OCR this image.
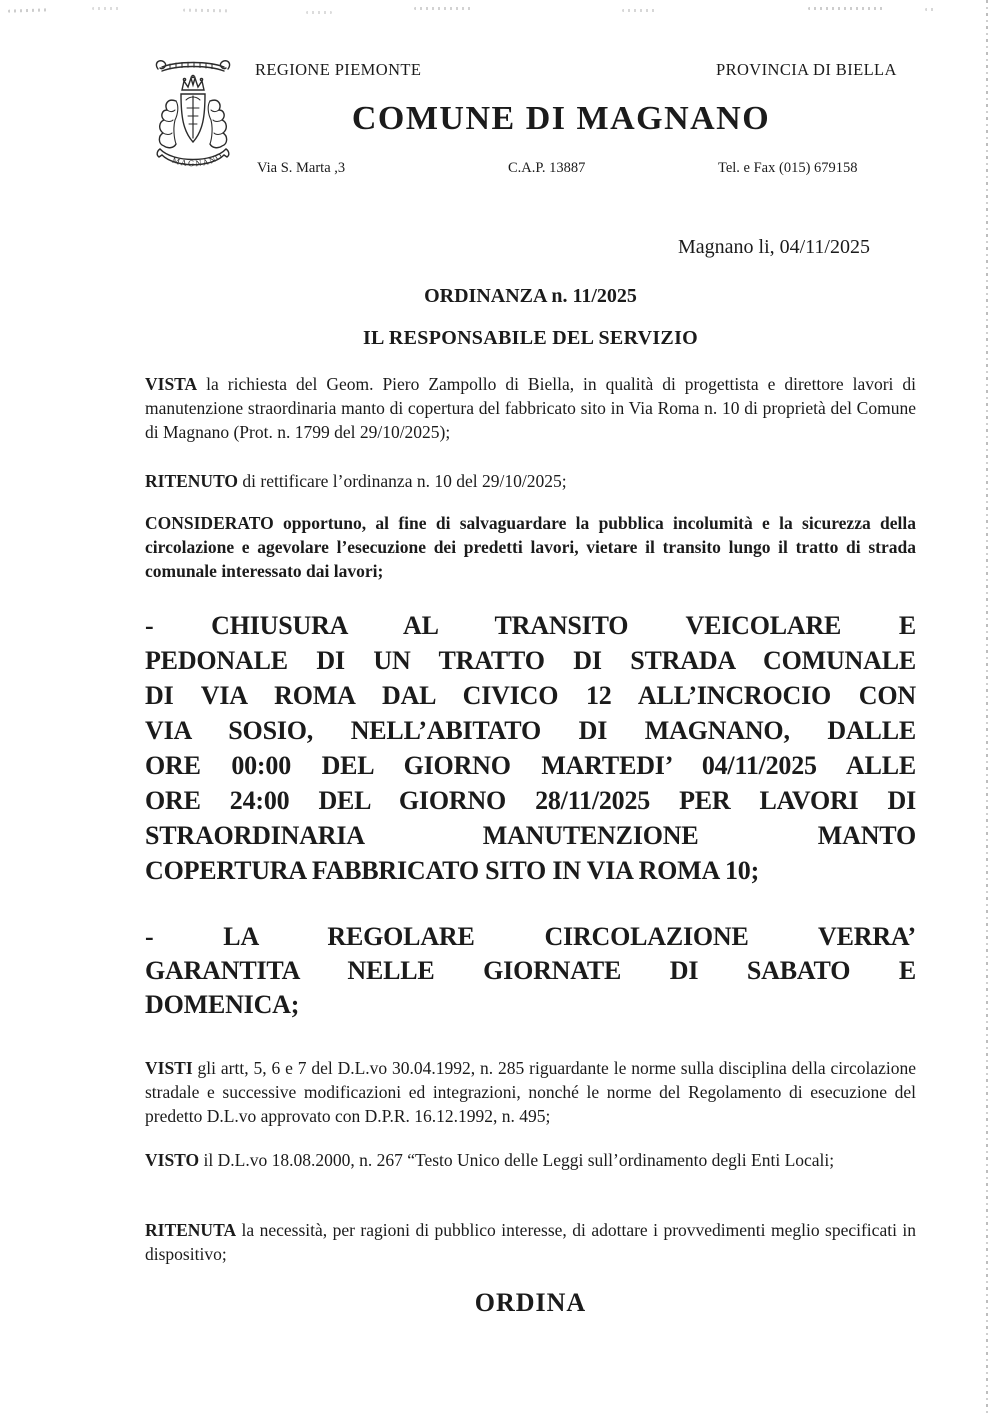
MAGNANO
REGIONE PIEMONTE	PROVINCIA DI BIELLA
COMUNE DI MAGNANO
Via S. Marta ,3	C.A.P. 13887	Tel. e Fax (015) 679158
Magnano li, 04/11/2025
ORDINANZA n. 11/2025
IL RESPONSABILE DEL SERVIZIO
VISTA la richiesta del Geom. Piero Zampollo di Biella, in qualità di progettista e direttore lavori di manutenzione straordinaria manto di copertura del fabbricato sito in Via Roma n. 10 di proprietà del Comune di Magnano (Prot. n. 1799 del 29/10/2025);
RITENUTO di rettificare l’ordinanza n. 10 del 29/10/2025;
CONSIDERATO opportuno, al fine di salvaguardare la pubblica incolumità e la sicurezza della circolazione e agevolare l’esecuzione dei predetti lavori, vietare il transito lungo il tratto di strada comunale interessato dai lavori;
- CHIUSURA AL TRANSITO VEICOLARE E
PEDONALE DI UN TRATTO DI STRADA COMUNALE
DI VIA ROMA DAL CIVICO 12 ALL’INCROCIO CON
VIA SOSIO, NELL’ABITATO DI MAGNANO, DALLE
ORE 00:00 DEL GIORNO MARTEDI’ 04/11/2025 ALLE
ORE 24:00 DEL GIORNO 28/11/2025 PER LAVORI DI
STRAORDINARIA MANUTENZIONE MANTO
COPERTURA FABBRICATO SITO IN VIA ROMA 10;
- LA REGOLARE CIRCOLAZIONE VERRA’
GARANTITA NELLE GIORNATE DI SABATO E
DOMENICA;
VISTI gli artt, 5, 6 e 7 del D.L.vo 30.04.1992, n. 285 riguardante le norme sulla disciplina della circolazione stradale e successive modificazioni ed integrazioni, nonché le norme del Regolamento di esecuzione del predetto D.L.vo approvato con D.P.R. 16.12.1992, n. 495;
VISTO il D.L.vo 18.08.2000, n. 267 “Testo Unico delle Leggi sull’ordinamento degli Enti Locali;
RITENUTA la necessità, per ragioni di pubblico interesse, di adottare i provvedimenti meglio specificati in dispositivo;
ORDINA
